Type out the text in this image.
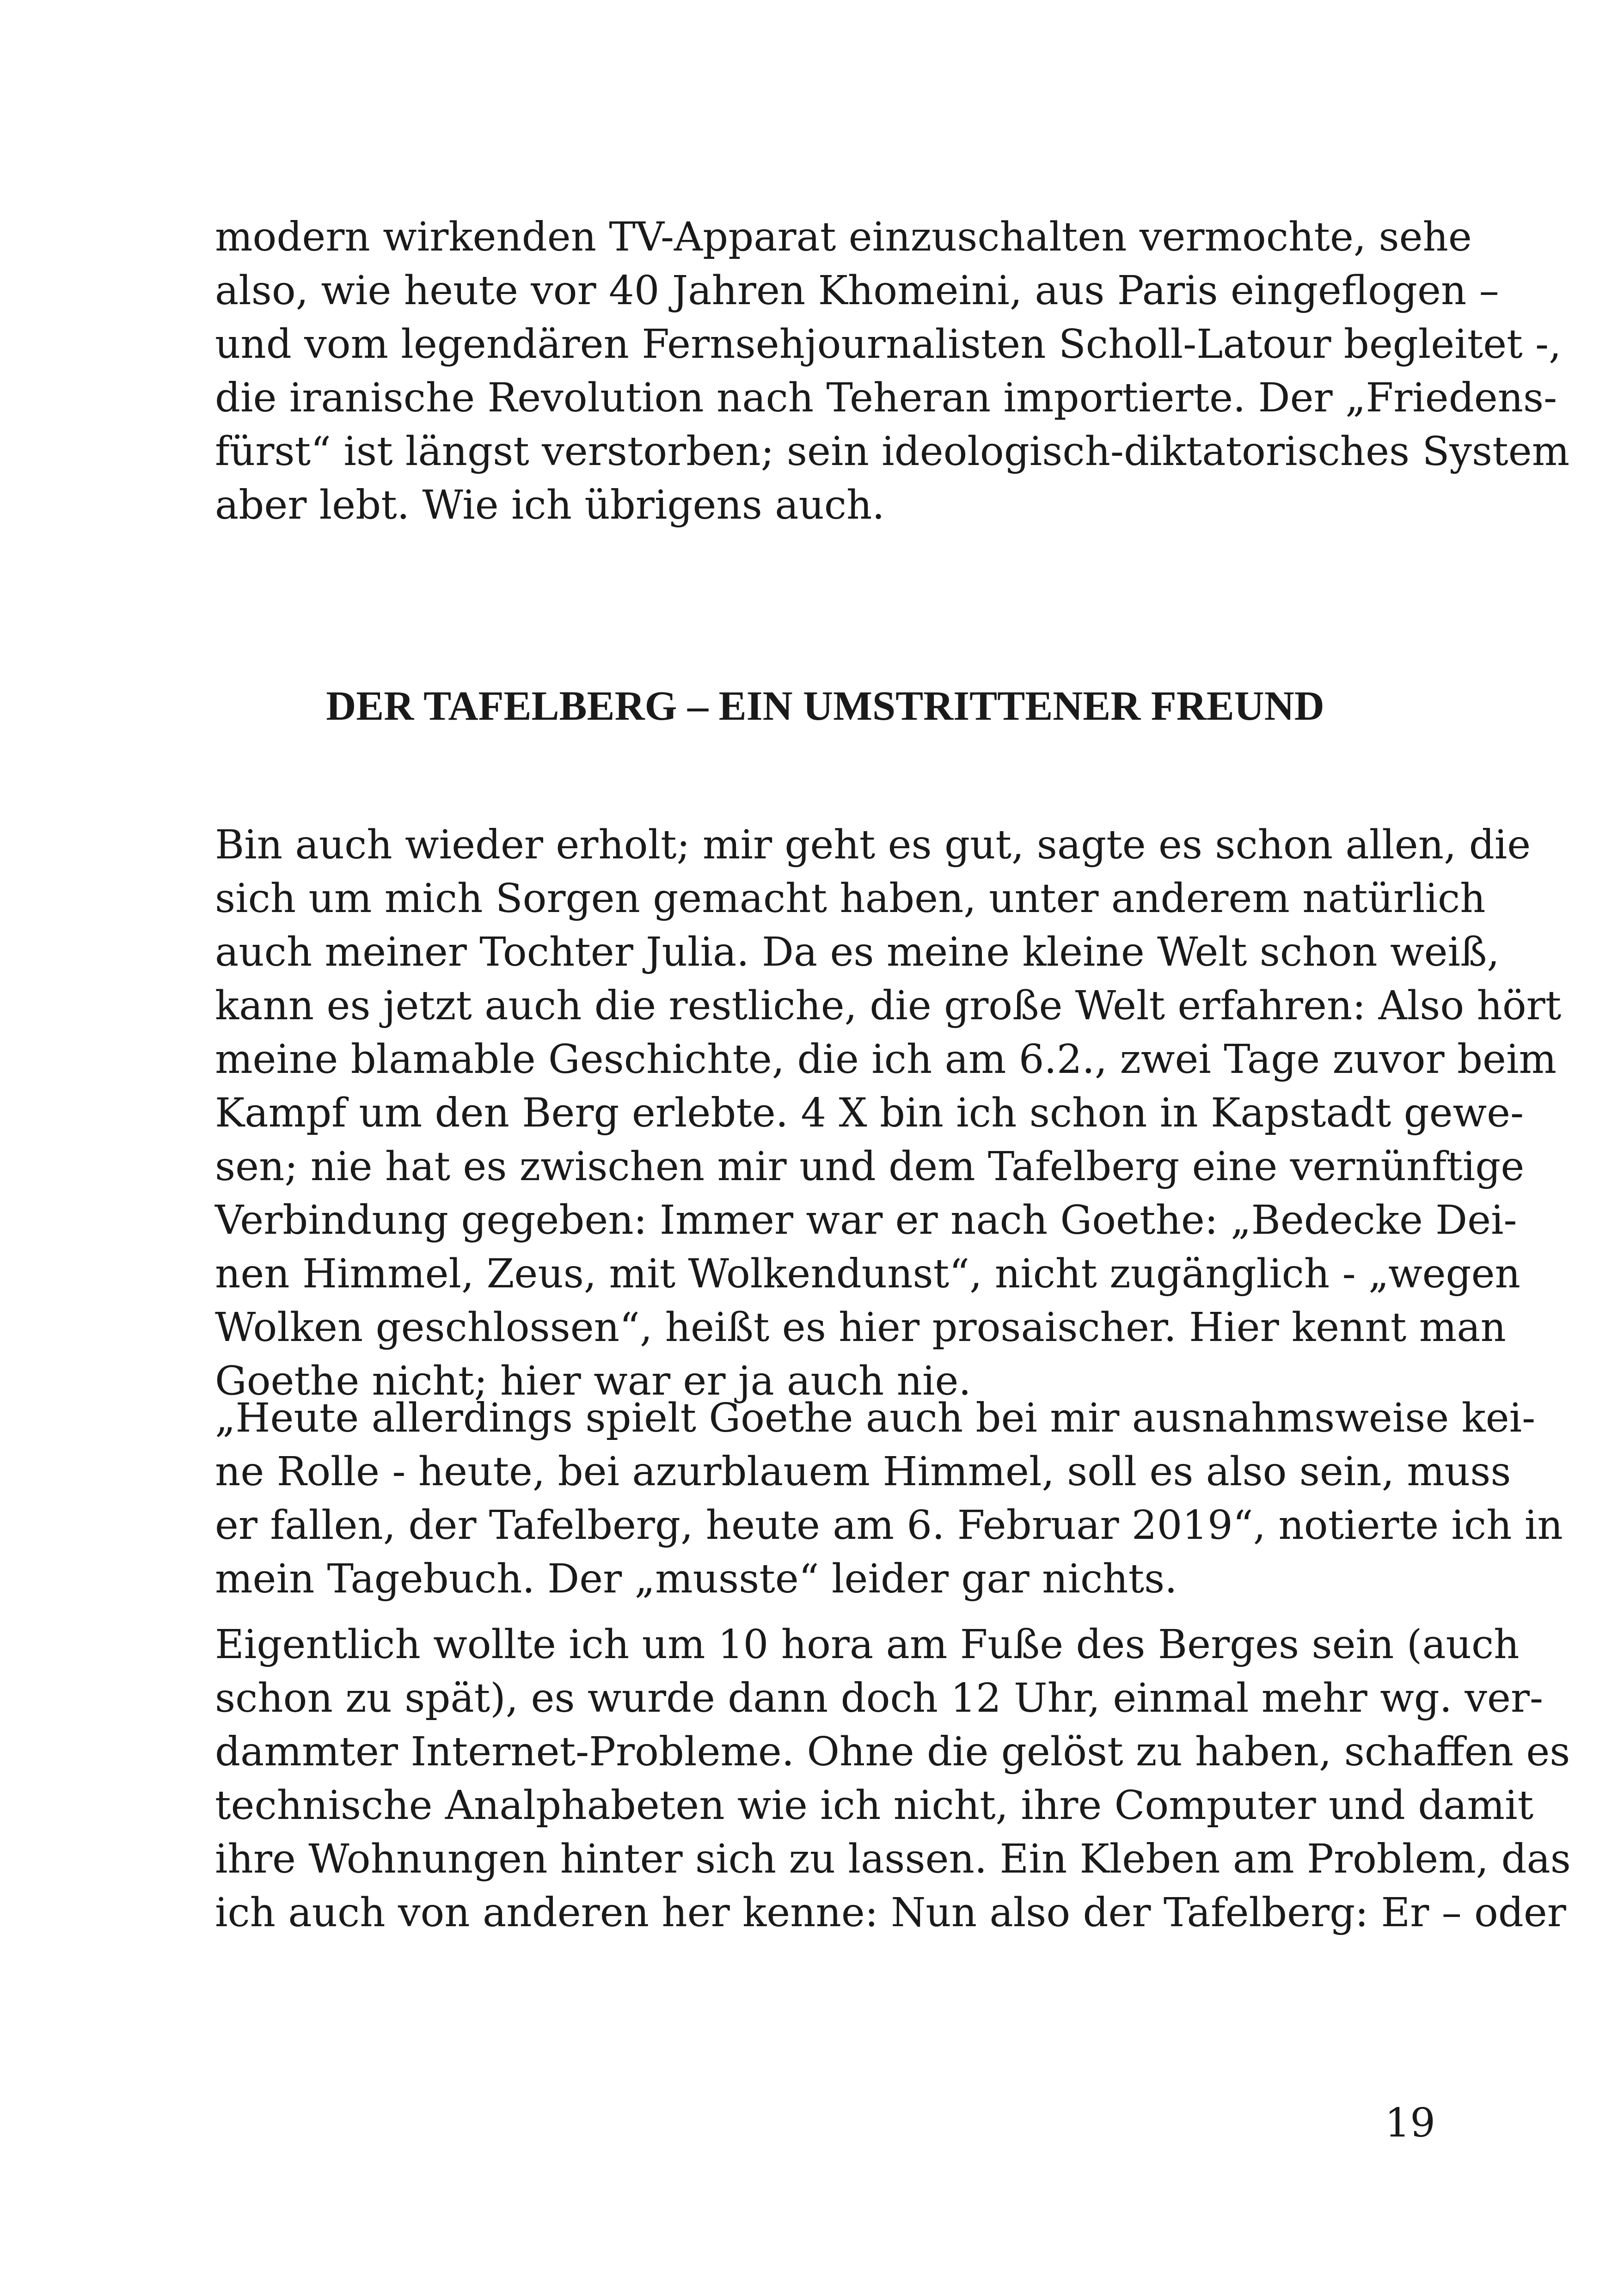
modern wirkenden TV-Apparat einzuschalten vermochte, sehe
also, wie heute vor 40 Jahren Khomeini, aus Paris eingeflogen –
und vom legendären Fernsehjournalisten Scholl-Latour begleitet -,
die iranische Revolution nach Teheran importierte. Der „Friedens-
fürst“ ist längst verstorben; sein ideologisch-diktatorisches System
aber lebt. Wie ich übrigens auch.
DER TAFELBERG – EIN UMSTRITTENER FREUND
Bin auch wieder erholt; mir geht es gut, sagte es schon allen, die
sich um mich Sorgen gemacht haben, unter anderem natürlich
auch meiner Tochter Julia. Da es meine kleine Welt schon weiß,
kann es jetzt auch die restliche, die große Welt erfahren: Also hört
meine blamable Geschichte, die ich am 6.2., zwei Tage zuvor beim
Kampf um den Berg erlebte. 4 X bin ich schon in Kapstadt gewe-
sen; nie hat es zwischen mir und dem Tafelberg eine vernünftige
Verbindung gegeben: Immer war er nach Goethe: „Bedecke Dei-
nen Himmel, Zeus, mit Wolkendunst“, nicht zugänglich - „wegen
Wolken geschlossen“, heißt es hier prosaischer. Hier kennt man
Goethe nicht; hier war er ja auch nie.
„Heute allerdings spielt Goethe auch bei mir ausnahmsweise kei-
ne Rolle - heute, bei azurblauem Himmel, soll es also sein, muss
er fallen, der Tafelberg, heute am 6. Februar 2019“, notierte ich in
mein Tagebuch. Der „musste“ leider gar nichts.
Eigentlich wollte ich um 10 hora am Fuße des Berges sein (auch
schon zu spät), es wurde dann doch 12 Uhr, einmal mehr wg. ver-
dammter Internet-Probleme. Ohne die gelöst zu haben, schaffen es
technische Analphabeten wie ich nicht, ihre Computer und damit
ihre Wohnungen hinter sich zu lassen. Ein Kleben am Problem, das
ich auch von anderen her kenne: Nun also der Tafelberg: Er – oder
19
